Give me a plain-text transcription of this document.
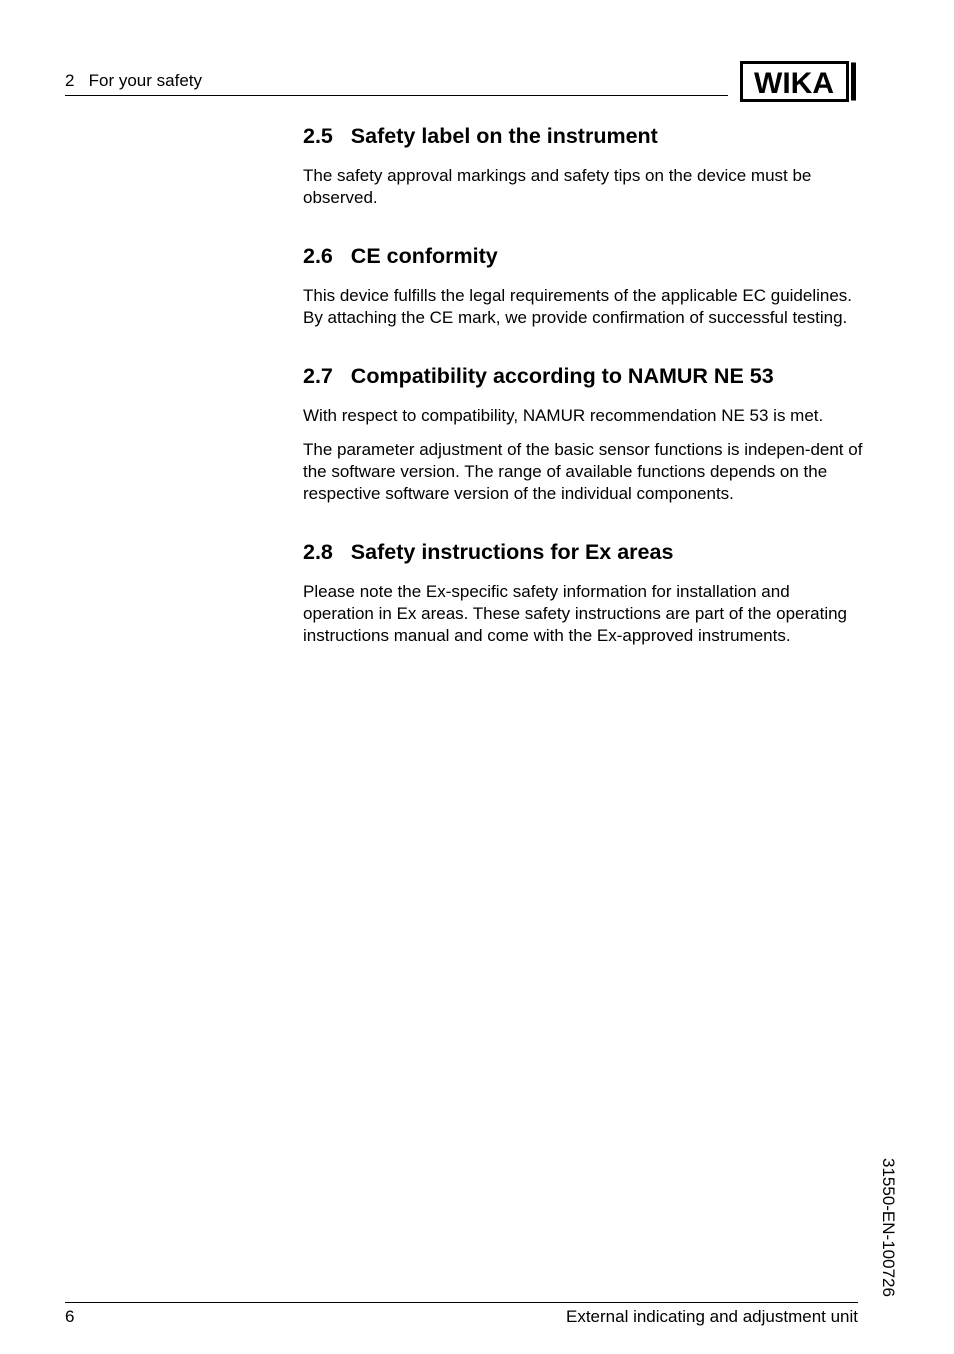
2   For your safety	WIKA
2.5   Safety label on the instrument

The safety approval markings and safety tips on the device must be observed.

2.6   CE conformity

This device fulfills the legal requirements of the applicable EC guidelines. By attaching the CE mark, we provide confirmation of successful testing.

2.7   Compatibility according to NAMUR NE 53

With respect to compatibility, NAMUR recommendation NE 53 is met.

The parameter adjustment of the basic sensor functions is indepen-dent of the software version. The range of available functions depends on the respective software version of the individual components.

2.8   Safety instructions for Ex areas

Please note the Ex-specific safety information for installation and operation in Ex areas. These safety instructions are part of the operating instructions manual and come with the Ex-approved instruments.

31550-EN-100726
6	External indicating and adjustment unit
